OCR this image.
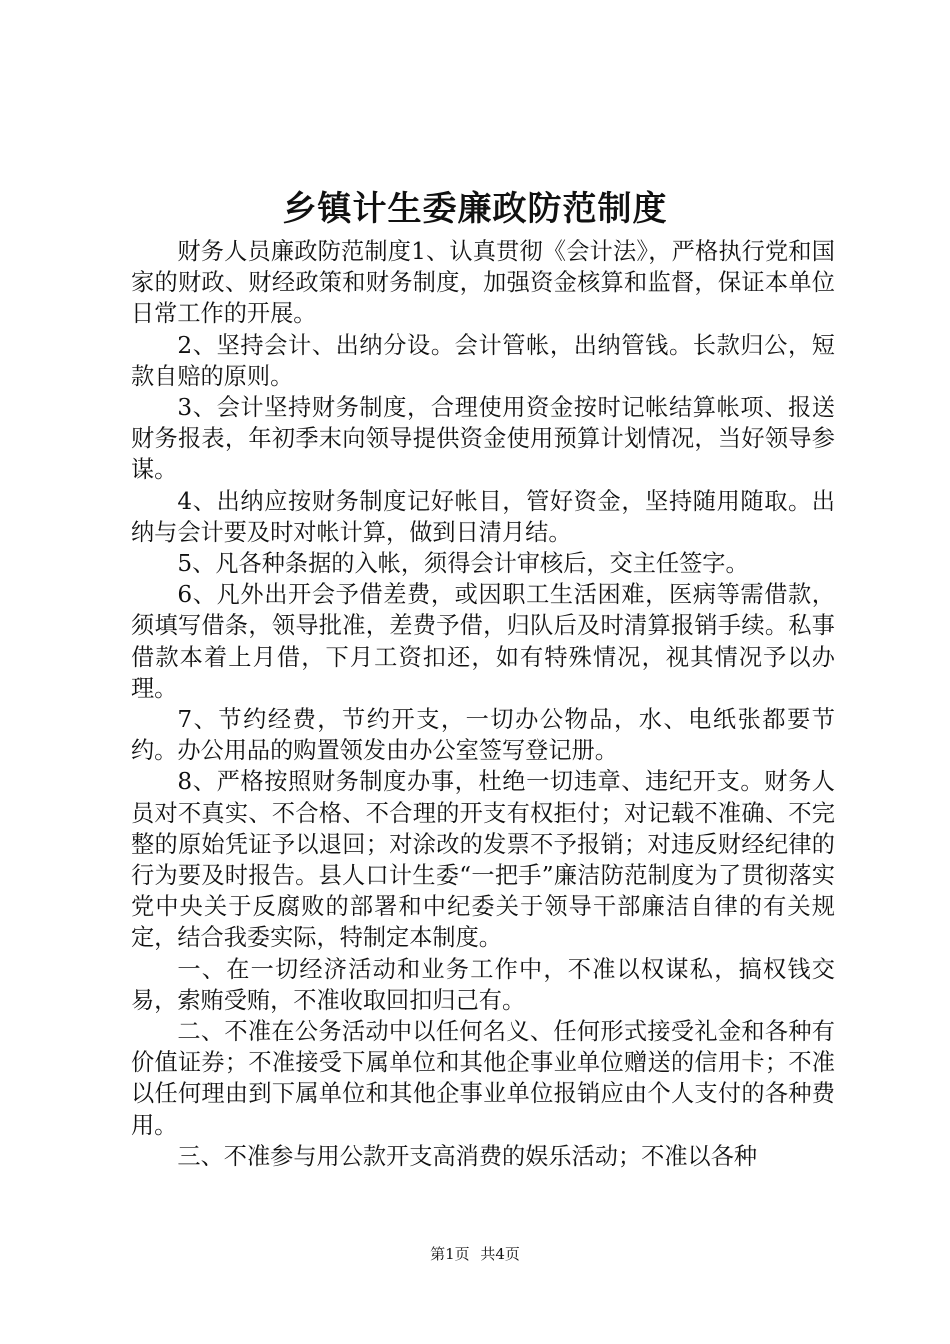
乡镇计生委廉政防范制度

财务人员廉政防范制度1、认真贯彻《会计法》，严格执行党和国家的财政、财经政策和财务制度，加强资金核算和监督，保证本单位日常工作的开展。

2、坚持会计、出纳分设。会计管帐，出纳管钱。长款归公，短款自赔的原则。

3、会计坚持财务制度，合理使用资金按时记帐结算帐项、报送财务报表，年初季末向领导提供资金使用预算计划情况，当好领导参谋。

4、出纳应按财务制度记好帐目，管好资金，坚持随用随取。出纳与会计要及时对帐计算，做到日清月结。

5、凡各种条据的入帐，须得会计审核后，交主任签字。

6、凡外出开会予借差费，或因职工生活困难，医病等需借款，须填写借条，领导批准，差费予借，归队后及时清算报销手续。私事借款本着上月借，下月工资扣还，如有特殊情况，视其情况予以办理。

7、节约经费，节约开支，一切办公物品，水、电纸张都要节约。办公用品的购置领发由办公室签写登记册。

8、严格按照财务制度办事，杜绝一切违章、违纪开支。财务人员对不真实、不合格、不合理的开支有权拒付；对记载不准确、不完整的原始凭证予以退回；对涂改的发票不予报销；对违反财经纪律的行为要及时报告。县人口计生委“一把手”廉洁防范制度为了贯彻落实党中央关于反腐败的部署和中纪委关于领导干部廉洁自律的有关规定，结合我委实际，特制定本制度。

一、在一切经济活动和业务工作中，不准以权谋私，搞权钱交易，索贿受贿，不准收取回扣归己有。

二、不准在公务活动中以任何名义、任何形式接受礼金和各种有价值证券；不准接受下属单位和其他企事业单位赠送的信用卡；不准以任何理由到下属单位和其他企事业单位报销应由个人支付的各种费用。

三、不准参与用公款开支高消费的娱乐活动；不准以各种

第1页 共4页
